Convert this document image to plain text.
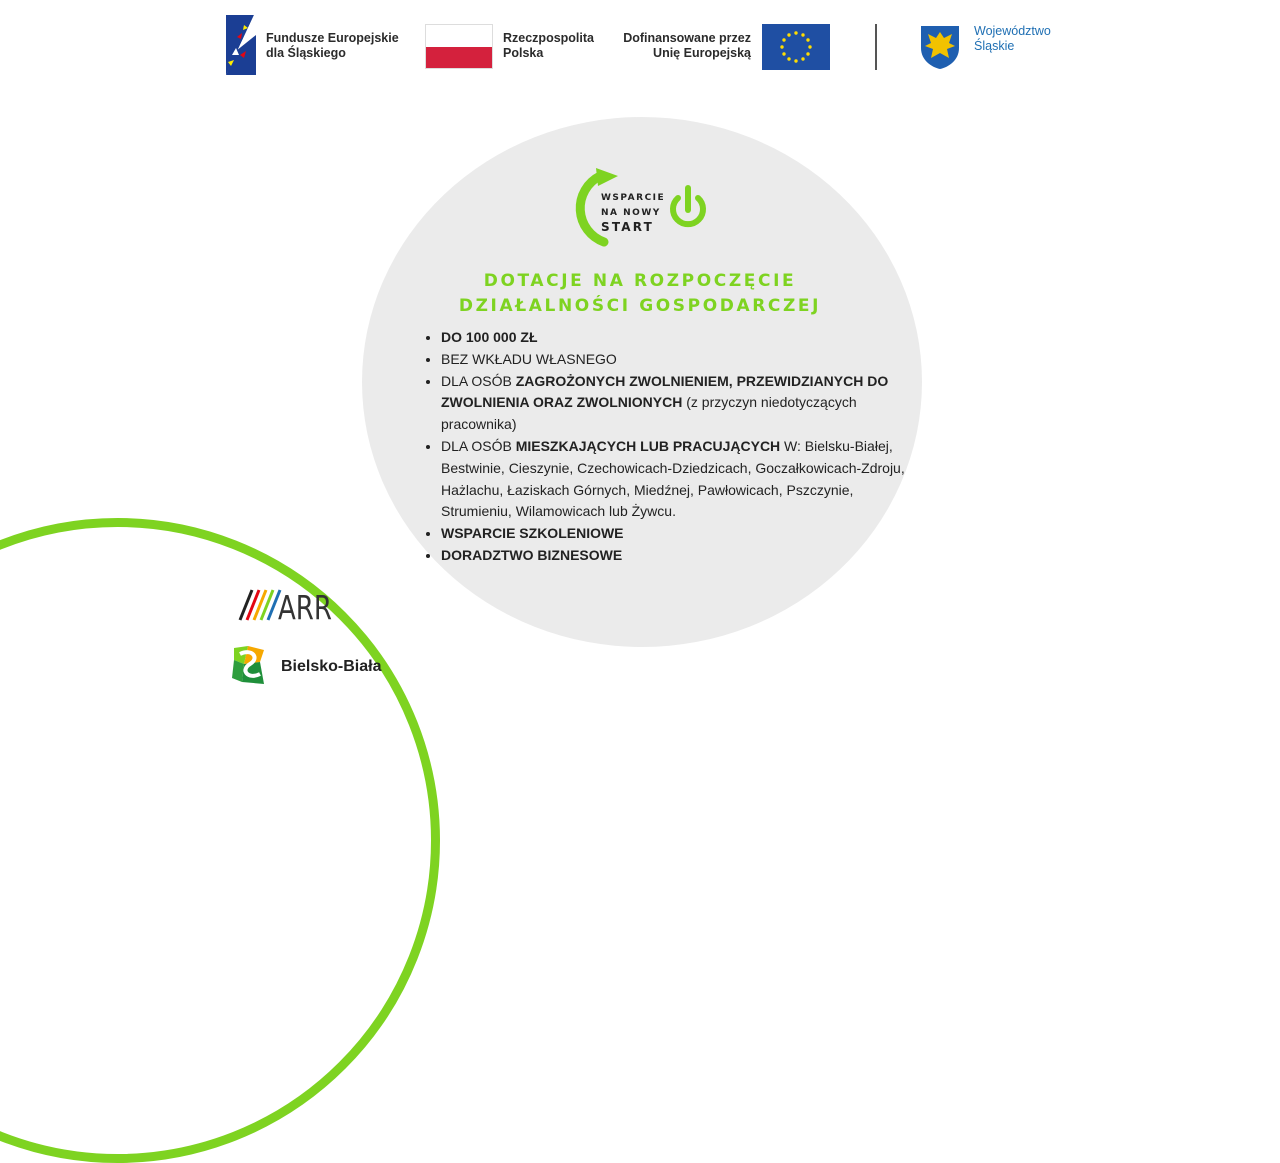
Fundusze Europejskie
dla Śląskiego
Rzeczpospolita
Polska
Dofinansowane przez
Unię Europejską
Województwo
Śląskie
WSPARCIE
NA NOWY
START
DOTACJE NA ROZPOCZĘCIE
DZIAŁALNOŚCI GOSPODARCZEJ
• DO 100 000 ZŁ
• BEZ WKŁADU WŁASNEGO
• DLA OSÓB ZAGROŻONYCH ZWOLNIENIEM, PRZEWIDZIANYCH DO ZWOLNIENIA ORAZ ZWOLNIONYCH (z przyczyn niedotyczących pracownika)
• DLA OSÓB MIESZKAJĄCYCH LUB PRACUJĄCYCH W: Bielsku-Białej, Bestwinie, Cieszynie, Czechowicach-Dziedzicach, Goczałkowicach-Zdroju, Hażlachu, Łaziskach Górnych, Miedźnej, Pawłowicach, Pszczynie, Strumieniu, Wilamowicach lub Żywcu.
• WSPARCIE SZKOLENIOWE
• DORADZTWO BIZNESOWE
ARR
Bielsko-Biała
